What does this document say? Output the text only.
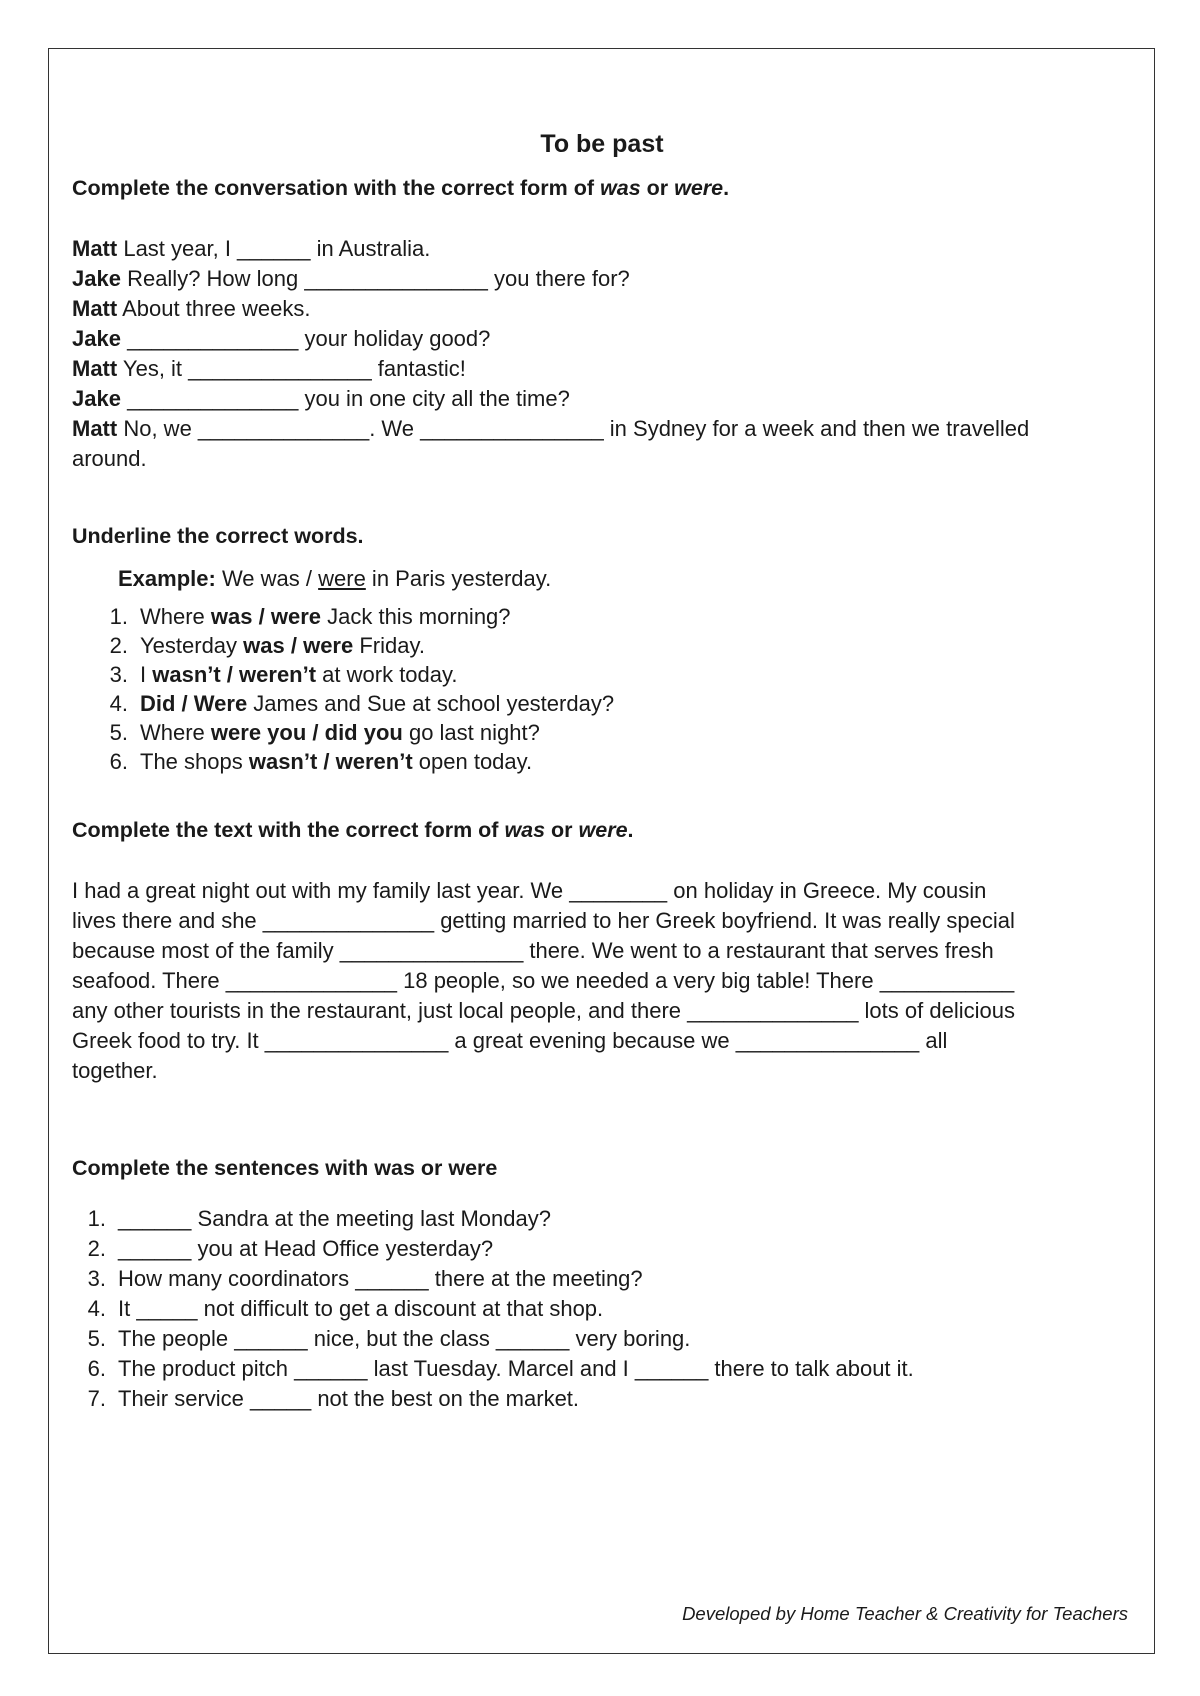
To be past
Complete the conversation with the correct form of was or were.
Matt Last year, I ______ in Australia.
Jake Really? How long _______________ you there for?
Matt About three weeks.
Jake ______________ your holiday good?
Matt Yes, it _______________ fantastic!
Jake ______________ you in one city all the time?
Matt No, we ______________. We _______________ in Sydney for a week and then we travelled
around.
Underline the correct words.
Example: We was / were in Paris yesterday.
1. Where was / were Jack this morning?
2. Yesterday was / were Friday.
3. I wasn’t / weren’t at work today.
4. Did / Were James and Sue at school yesterday?
5. Where were you / did you go last night?
6. The shops wasn’t / weren’t open today.
Complete the text with the correct form of was or were.
I had a great night out with my family last year. We ________ on holiday in Greece. My cousin
lives there and she ______________ getting married to her Greek boyfriend. It was really special
because most of the family _______________ there. We went to a restaurant that serves fresh
seafood. There ______________ 18 people, so we needed a very big table! There ___________
any other tourists in the restaurant, just local people, and there ______________ lots of delicious
Greek food to try. It _______________ a great evening because we _______________ all
together.
Complete the sentences with was or were
1. ______ Sandra at the meeting last Monday?
2. ______ you at Head Office yesterday?
3. How many coordinators ______ there at the meeting?
4. It _____ not difficult to get a discount at that shop.
5. The people ______ nice, but the class ______ very boring.
6. The product pitch ______ last Tuesday. Marcel and I ______ there to talk about it.
7. Their service _____ not the best on the market.
Developed by Home Teacher & Creativity for Teachers
